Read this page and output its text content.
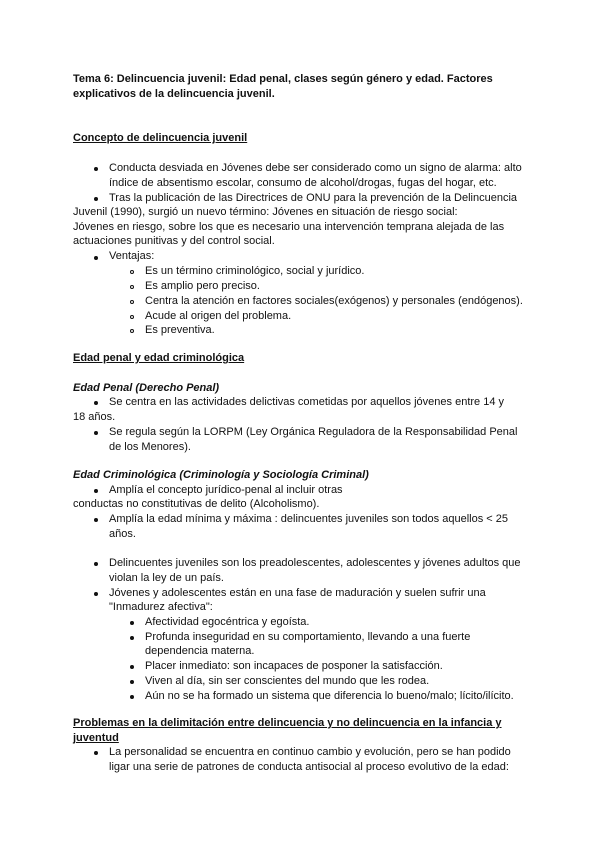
Tema 6: Delincuencia juvenil: Edad penal, clases según género y edad. Factores
explicativos de la delincuencia juvenil.
Concepto de delincuencia juvenil
Conducta desviada en Jóvenes debe ser considerado como un signo de alarma: alto
índice de absentismo escolar, consumo de alcohol/drogas, fugas del hogar, etc.
Tras la publicación de las Directrices de ONU para la prevención de la Delincuencia
Juvenil (1990), surgió un nuevo término: Jóvenes en situación de riesgo social:
Jóvenes en riesgo, sobre los que es necesario una intervención temprana alejada de las
actuaciones punitivas y del control social.
Ventajas:
Es un término criminológico, social y jurídico.
Es amplio pero preciso.
Centra la atención en factores sociales(exógenos) y personales (endógenos).
Acude al origen del problema.
Es preventiva.
Edad penal y edad criminológica
Edad Penal (Derecho Penal)
Se centra en las actividades delictivas cometidas por aquellos jóvenes entre 14 y
18 años.
Se regula según la LORPM (Ley Orgánica Reguladora de la Responsabilidad Penal
de los Menores).
Edad Criminológica (Criminología y Sociología Criminal)
Amplía el concepto jurídico-penal al incluir otras
conductas no constitutivas de delito (Alcoholismo).
Amplía la edad mínima y máxima : delincuentes juveniles son todos aquellos < 25
años.
Delincuentes juveniles son los preadolescentes, adolescentes y jóvenes adultos que
violan la ley de un país.
Jóvenes y adolescentes están en una fase de maduración y suelen sufrir una
"Inmadurez afectiva":
Afectividad egocéntrica y egoísta.
Profunda inseguridad en su comportamiento, llevando a una fuerte
dependencia materna.
Placer inmediato: son incapaces de posponer la satisfacción.
Viven al día, sin ser conscientes del mundo que les rodea.
Aún no se ha formado un sistema que diferencia lo bueno/malo; lícito/ilícito.
Problemas en la delimitación entre delincuencia y no delincuencia en la infancia y
juventud
La personalidad se encuentra en continuo cambio y evolución, pero se han podido
ligar una serie de patrones de conducta antisocial al proceso evolutivo de la edad:
